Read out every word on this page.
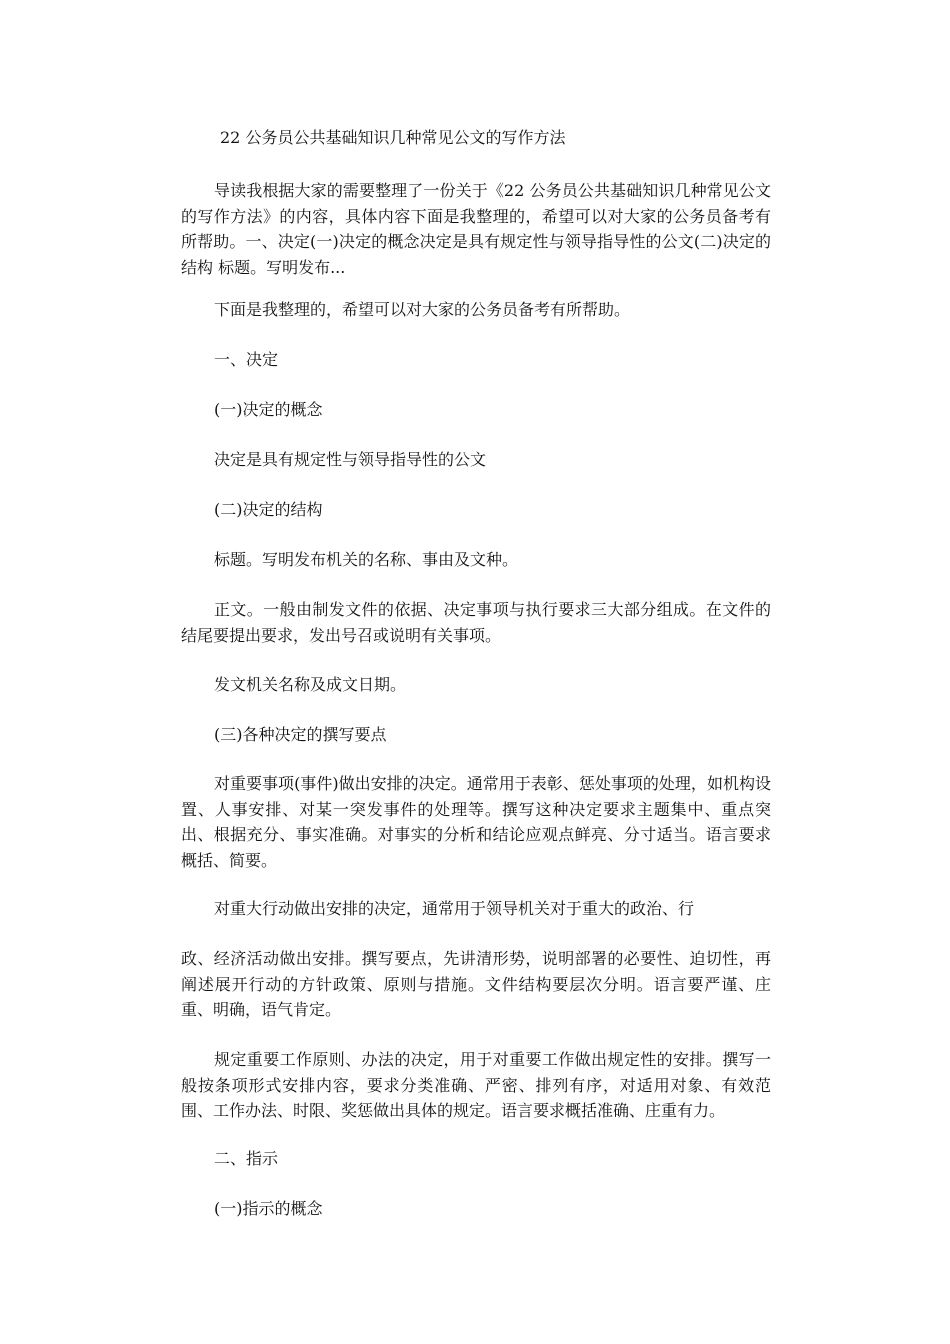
22 公务员公共基础知识几种常见公文的写作方法

导读我根据大家的需要整理了一份关于《22 公务员公共基础知识几种常见公文的写作方法》的内容，具体内容下面是我整理的，希望可以对大家的公务员备考有所帮助。一、决定(一)决定的概念决定是具有规定性与领导指导性的公文(二)决定的结构 标题。写明发布...

下面是我整理的，希望可以对大家的公务员备考有所帮助。

一、决定

(一)决定的概念

决定是具有规定性与领导指导性的公文

(二)决定的结构

标题。写明发布机关的名称、事由及文种。

正文。一般由制发文件的依据、决定事项与执行要求三大部分组成。在文件的结尾要提出要求，发出号召或说明有关事项。

发文机关名称及成文日期。

(三)各种决定的撰写要点

对重要事项(事件)做出安排的决定。通常用于表彰、惩处事项的处理，如机构设置、人事安排、对某一突发事件的处理等。撰写这种决定要求主题集中、重点突出、根据充分、事实准确。对事实的分析和结论应观点鲜亮、分寸适当。语言要求概括、简要。

对重大行动做出安排的决定，通常用于领导机关对于重大的政治、行

政、经济活动做出安排。撰写要点，先讲清形势，说明部署的必要性、迫切性，再阐述展开行动的方针政策、原则与措施。文件结构要层次分明。语言要严谨、庄重、明确，语气肯定。

规定重要工作原则、办法的决定，用于对重要工作做出规定性的安排。撰写一般按条项形式安排内容，要求分类准确、严密、排列有序，对适用对象、有效范围、工作办法、时限、奖惩做出具体的规定。语言要求概括准确、庄重有力。

二、指示

(一)指示的概念
